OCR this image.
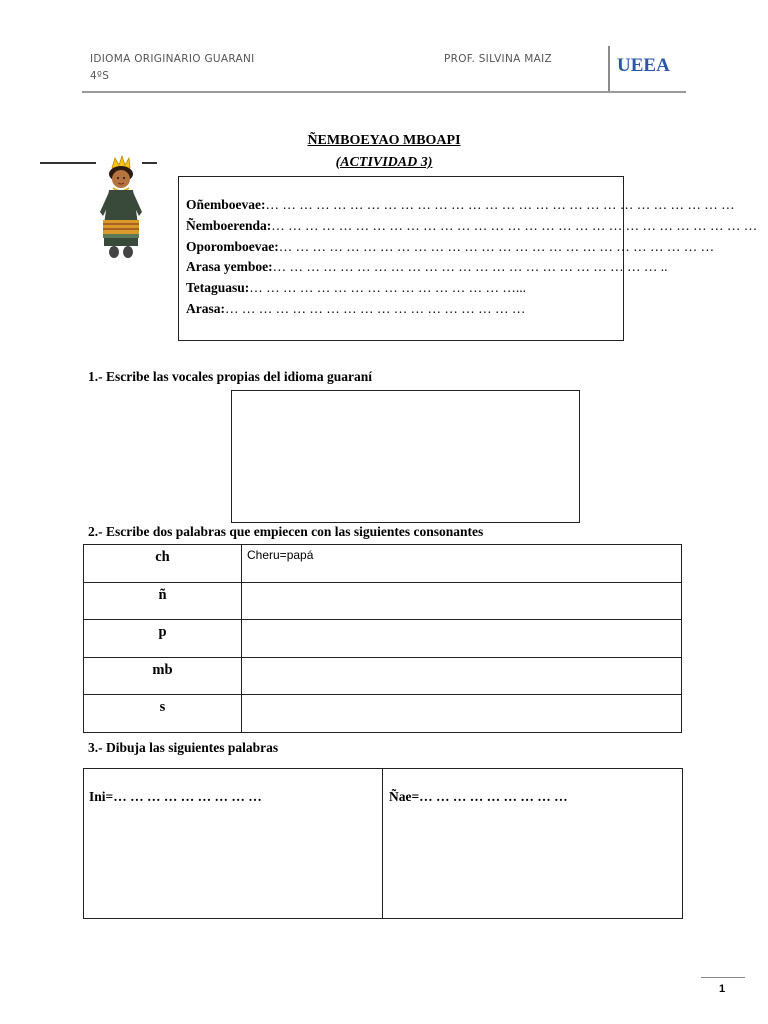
IDIOMA ORIGINARIO GUARANI
4ºS
PROF. SILVINA MAIZ	UEEA
ÑEMBOEYAO MBOAPI
(ACTIVIDAD 3)
Oñemboevae:… … … … … … … … … … … … … … … … … … … … … … … … … … … …
Ñemboerenda:… … … … … … … … … … … … … … … … … … … … … … … … … … … … …
Oporomboevae:… … … … … … … … … … … … … … … … … … … … … … … … … …
Arasa yemboe:… … … … … … … … … … … … … … … … … … … … … … … ..
Tetaguasu:… … … … … … … … … … … … … … … …...
Arasa:… … … … … … … … … … … … … … … … … …
1.- Escribe las vocales propias del idioma guaraní
2.- Escribe dos palabras que empiecen con las siguientes consonantes
ch	Cheru=papá
ñ	
p	
mb	
s	
3.- Dibuja las siguientes palabras
Ini=… … … … … … … … …	Ñae=… … … … … … … … …
1
